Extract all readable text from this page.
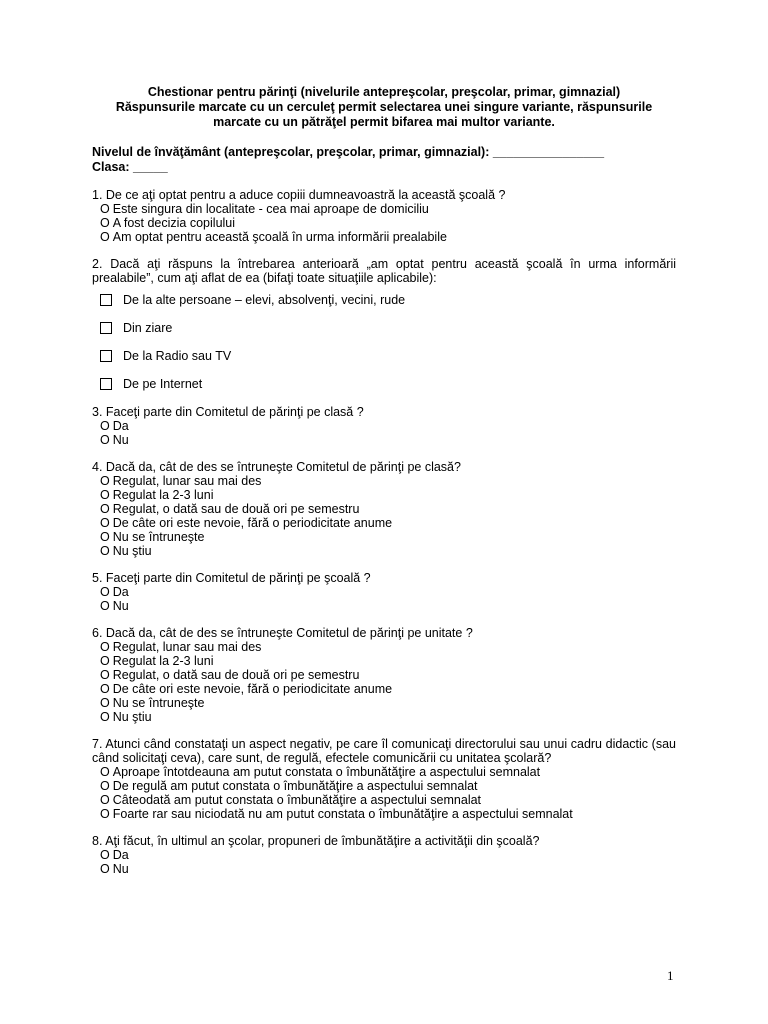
Chestionar pentru părinţi (nivelurile antepreşcolar, preşcolar, primar, gimnazial)
Răspunsurile marcate cu un cerculeţ permit selectarea unei singure variante, răspunsurile
marcate cu un pătrăţel permit bifarea mai multor variante.
Nivelul de învăţământ (antepreşcolar, preşcolar, primar, gimnazial): ________________
Clasa: _____
1. De ce aţi optat pentru a aduce copiii dumneavoastră la această şcoală ?
O Este singura din localitate - cea mai aproape de domiciliu
O A fost decizia copilului
O Am optat pentru această şcoală în urma informării prealabile
2. Dacă aţi răspuns la întrebarea anterioară „am optat pentru această şcoală în urma informării prealabile”, cum aţi aflat de ea (bifaţi toate situaţiile aplicabile):
De la alte persoane – elevi, absolvenţi, vecini, rude
Din ziare
De la Radio sau TV
De pe Internet
3. Faceţi parte din Comitetul de părinţi pe clasă ?
O Da
O Nu
4. Dacă da, cât de des se întruneşte Comitetul de părinţi pe clasă?
O Regulat, lunar sau mai des
O Regulat la 2-3 luni
O Regulat, o dată sau de două ori pe semestru
O De câte ori este nevoie, fără o periodicitate anume
O Nu se întruneşte
O Nu ştiu
5. Faceţi parte din Comitetul de părinţi pe şcoală ?
O Da
O Nu
6. Dacă da, cât de des se întruneşte Comitetul de părinţi pe unitate ?
O Regulat, lunar sau mai des
O Regulat la 2-3 luni
O Regulat, o dată sau de două ori pe semestru
O De câte ori este nevoie, fără o periodicitate anume
O Nu se întruneşte
O Nu ştiu
7. Atunci când constataţi un aspect negativ, pe care îl comunicaţi directorului sau unui cadru didactic (sau când solicitaţi ceva), care sunt, de regulă, efectele comunicării cu unitatea şcolară?
O Aproape întotdeauna am putut constata o îmbunătăţire a aspectului semnalat
O De regulă am putut constata o îmbunătăţire a aspectului semnalat
O Câteodată am putut constata o îmbunătăţire a aspectului semnalat
O Foarte rar sau niciodată nu am putut constata o îmbunătăţire a aspectului semnalat
8. Aţi făcut, în ultimul an şcolar, propuneri de îmbunătăţire a activităţii din şcoală?
O Da
O Nu
1
